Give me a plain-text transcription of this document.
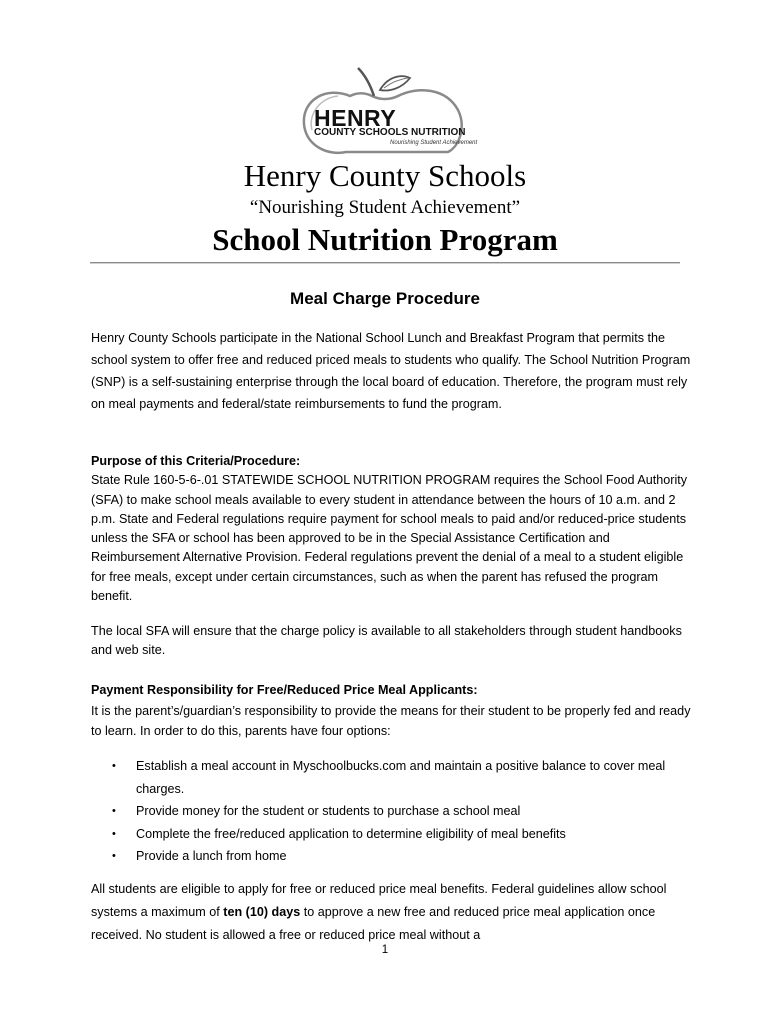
HENRY
COUNTY SCHOOLS NUTRITION
Nourishing Student Achievement
Henry County Schools
“Nourishing Student Achievement”
School Nutrition Program
Meal Charge Procedure

Henry County Schools participate in the National School Lunch and Breakfast Program that permits the school system to offer free and reduced priced meals to students who qualify. The School Nutrition Program (SNP) is a self-sustaining enterprise through the local board of education. Therefore, the program must rely on meal payments and federal/state reimbursements to fund the program.

Purpose of this Criteria/Procedure:
State Rule 160-5-6-.01 STATEWIDE SCHOOL NUTRITION PROGRAM requires the School Food Authority (SFA) to make school meals available to every student in attendance between the hours of 10 a.m. and 2 p.m. State and Federal regulations require payment for school meals to paid and/or reduced-price students unless the SFA or school has been approved to be in the Special Assistance Certification and Reimbursement Alternative Provision. Federal regulations prevent the denial of a meal to a student eligible for free meals, except under certain circumstances, such as when the parent has refused the program benefit.

The local SFA will ensure that the charge policy is available to all stakeholders through student handbooks and web site.

Payment Responsibility for Free/Reduced Price Meal Applicants:
It is the parent’s/guardian’s responsibility to provide the means for their student to be properly fed and ready to learn. In order to do this, parents have four options:
• Establish a meal account in Myschoolbucks.com and maintain a positive balance to cover meal charges.
• Provide money for the student or students to purchase a school meal
• Complete the free/reduced application to determine eligibility of meal benefits
• Provide a lunch from home

All students are eligible to apply for free or reduced price meal benefits. Federal guidelines allow school systems a maximum of ten (10) days to approve a new free and reduced price meal application once received. No student is allowed a free or reduced price meal without a

1
